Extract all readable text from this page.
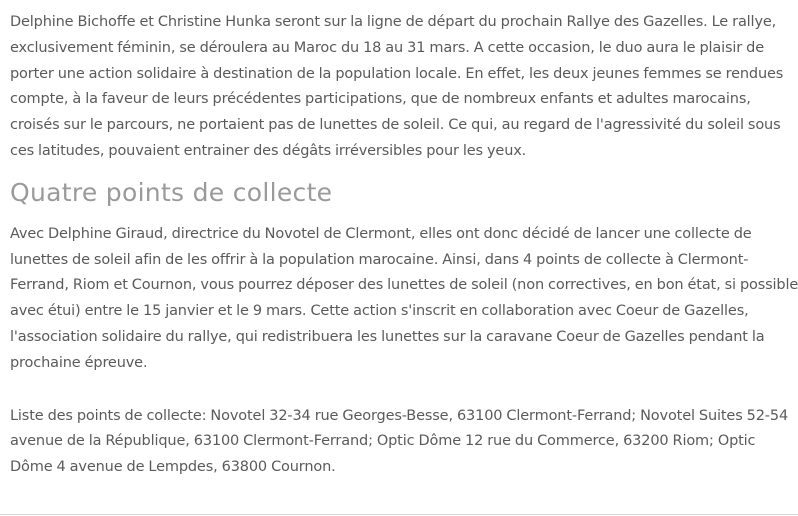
Delphine Bichoffe et Christine Hunka seront sur la ligne de départ du prochain Rallye des Gazelles. Le rallye, exclusivement féminin, se déroulera au Maroc du 18 au 31 mars. A cette occasion, le duo aura le plaisir de porter une action solidaire à destination de la population locale. En effet, les deux jeunes femmes se rendues compte, à la faveur de leurs précédentes participations, que de nombreux enfants et adultes marocains, croisés sur le parcours, ne portaient pas de lunettes de soleil. Ce qui, au regard de l'agressivité du soleil sous ces latitudes, pouvaient entrainer des dégâts irréversibles pour les yeux.

Quatre points de collecte

Avec Delphine Giraud, directrice du Novotel de Clermont, elles ont donc décidé de lancer une collecte de lunettes de soleil afin de les offrir à la population marocaine. Ainsi, dans 4 points de collecte à Clermont-Ferrand, Riom et Cournon, vous pourrez déposer des lunettes de soleil (non correctives, en bon état, si possible avec étui) entre le 15 janvier et le 9 mars. Cette action s'inscrit en collaboration avec Coeur de Gazelles, l'association solidaire du rallye, qui redistribuera les lunettes sur la caravane Coeur de Gazelles pendant la prochaine épreuve.

Liste des points de collecte: Novotel 32-34 rue Georges-Besse, 63100 Clermont-Ferrand; Novotel Suites 52-54 avenue de la République, 63100 Clermont-Ferrand; Optic Dôme 12 rue du Commerce, 63200 Riom; Optic Dôme 4 avenue de Lempdes, 63800 Cournon.
